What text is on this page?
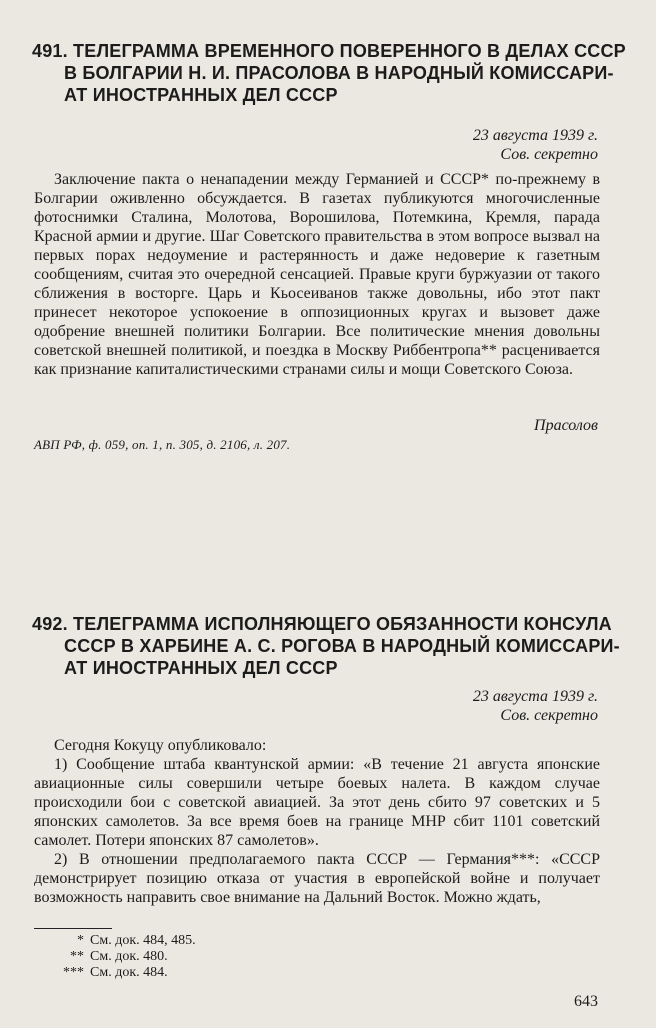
491. ТЕЛЕГРАММА ВРЕМЕННОГО ПОВЕРЕННОГО В ДЕЛАХ СССР
В БОЛГАРИИ Н. И. ПРАСОЛОВА В НАРОДНЫЙ КОМИССАРИ-
АТ ИНОСТРАННЫХ ДЕЛ СССР
23 августа 1939 г.
Сов. секретно

Заключение пакта о ненападении между Германией и СССР* по-прежнему в Болгарии оживленно обсуждается. В газетах публикуются многочисленные фотоснимки Сталина, Молотова, Ворошилова, Потемкина, Кремля, парада Красной армии и другие. Шаг Советского правительства в этом вопросе вызвал на первых порах недоумение и растерянность и даже недоверие к газетным сообщениям, считая это очередной сенсацией. Правые круги буржуазии от такого сближения в восторге. Царь и Кьосеиванов также довольны, ибо этот пакт принесет некоторое успокоение в оппозиционных кругах и вызовет даже одобрение внешней политики Болгарии. Все политические мнения довольны советской внешней политикой, и поездка в Москву Риббентропа** расценивается как признание капиталистическими странами силы и мощи Советского Союза.

Прасолов
АВП РФ, ф. 059, оп. 1, п. 305, д. 2106, л. 207.
492. ТЕЛЕГРАММА ИСПОЛНЯЮЩЕГО ОБЯЗАННОСТИ КОНСУЛА
СССР В ХАРБИНЕ А. С. РОГОВА В НАРОДНЫЙ КОМИССАРИ-
АТ ИНОСТРАННЫХ ДЕЛ СССР
23 августа 1939 г.
Сов. секретно

Сегодня Кокуцу опубликовало:

1) Сообщение штаба квантунской армии: «В течение 21 августа японские авиационные силы совершили четыре боевых налета. В каждом случае происходили бои с советской авиацией. За этот день сбито 97 советских и 5 японских самолетов. За все время боев на границе МНР сбит 1101 советский самолет. Потери японских 87 самолетов».

2) В отношении предполагаемого пакта СССР — Германия***: «СССР демонстрирует позицию отказа от участия в европейской войне и получает возможность направить свое внимание на Дальний Восток. Можно ждать,

* См. док. 484, 485.
** См. док. 480.
*** См. док. 484.
643
